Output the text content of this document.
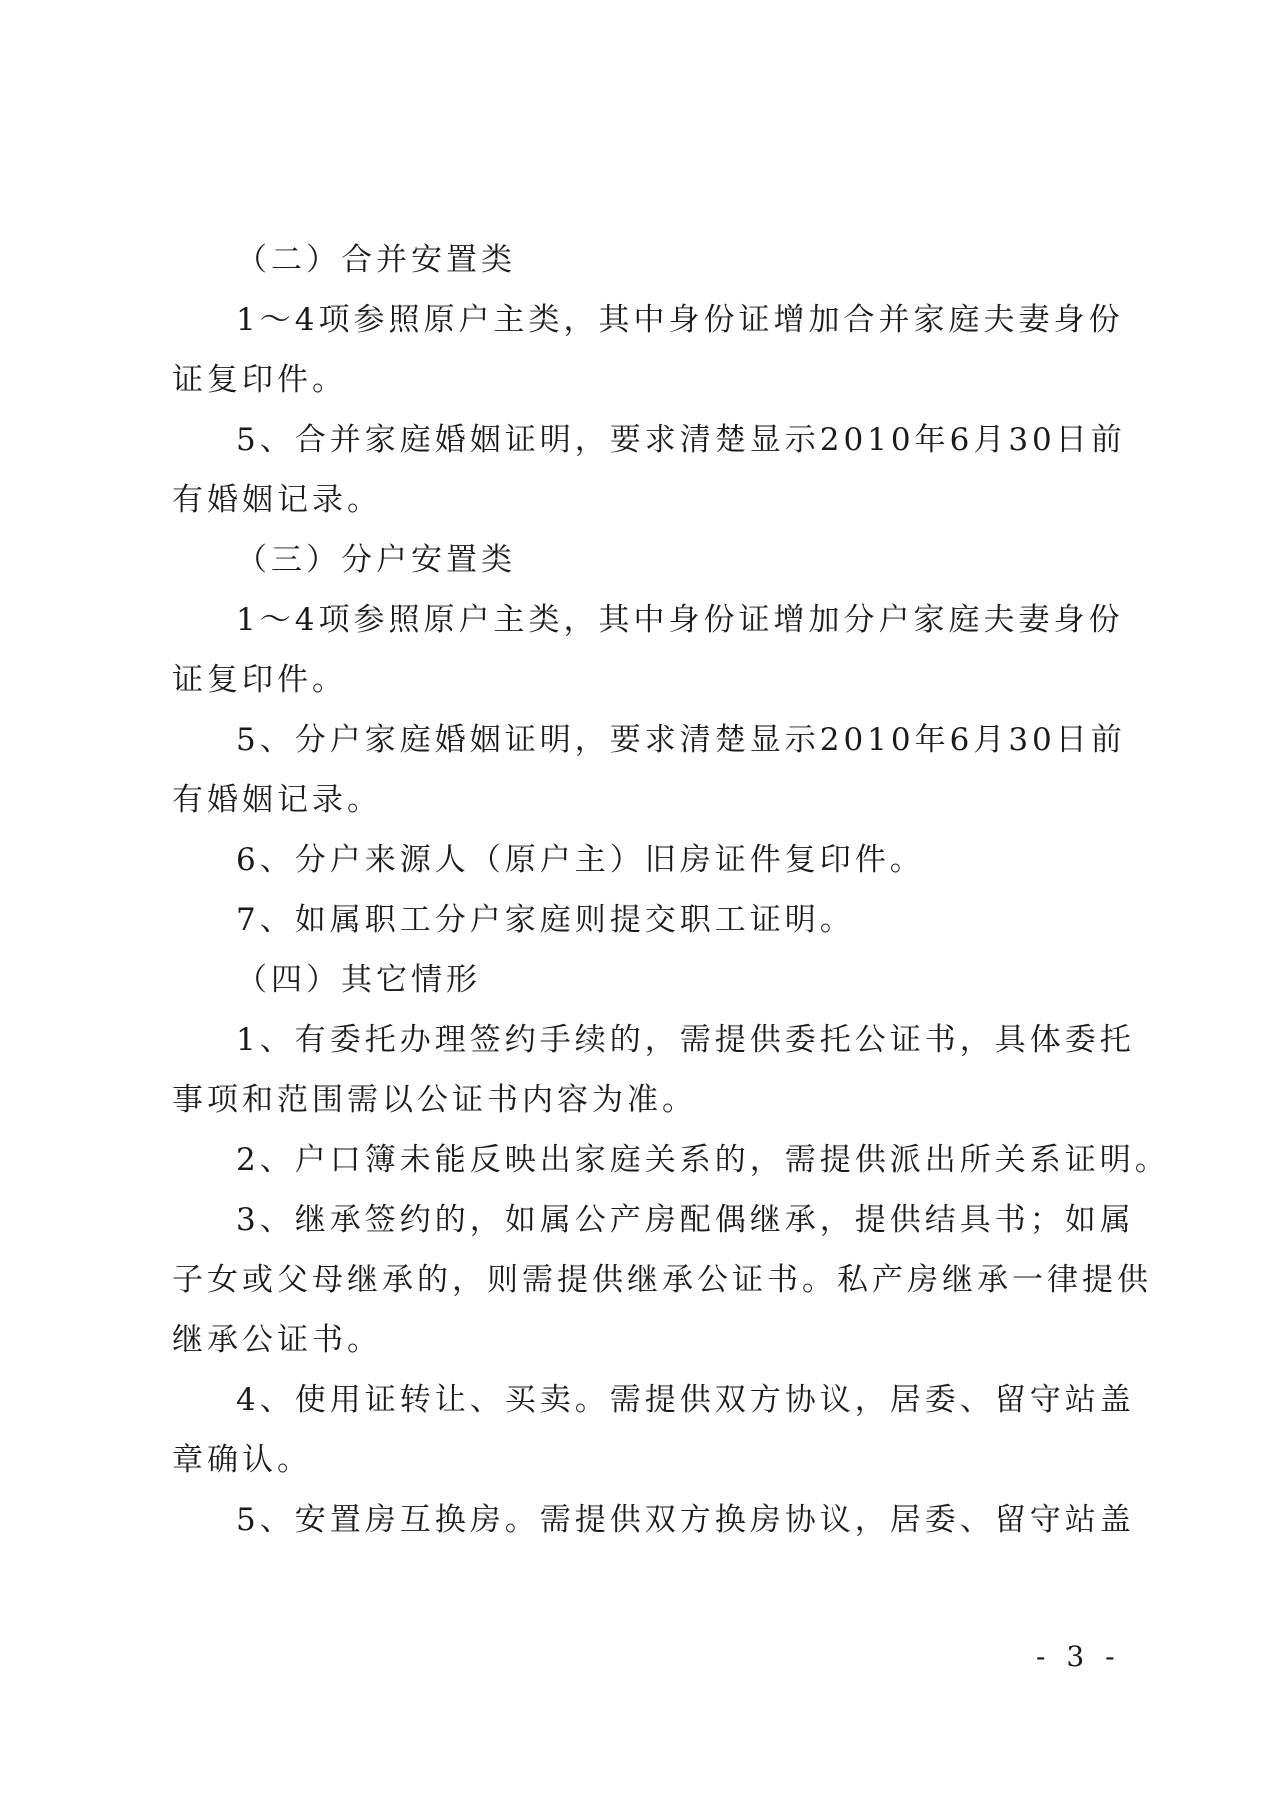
（二）合并安置类
1～4项参照原户主类，其中身份证增加合并家庭夫妻身份
证复印件。
5、合并家庭婚姻证明，要求清楚显示2010年6月30日前
有婚姻记录。
（三）分户安置类
1～4项参照原户主类，其中身份证增加分户家庭夫妻身份
证复印件。
5、分户家庭婚姻证明，要求清楚显示2010年6月30日前
有婚姻记录。
6、分户来源人（原户主）旧房证件复印件。
7、如属职工分户家庭则提交职工证明。
（四）其它情形
1、有委托办理签约手续的，需提供委托公证书，具体委托
事项和范围需以公证书内容为准。
2、户口簿未能反映出家庭关系的，需提供派出所关系证明。
3、继承签约的，如属公产房配偶继承，提供结具书；如属
子女或父母继承的，则需提供继承公证书。私产房继承一律提供
继承公证书。
4、使用证转让、买卖。需提供双方协议，居委、留守站盖
章确认。
5、安置房互换房。需提供双方换房协议，居委、留守站盖
- 3 -
